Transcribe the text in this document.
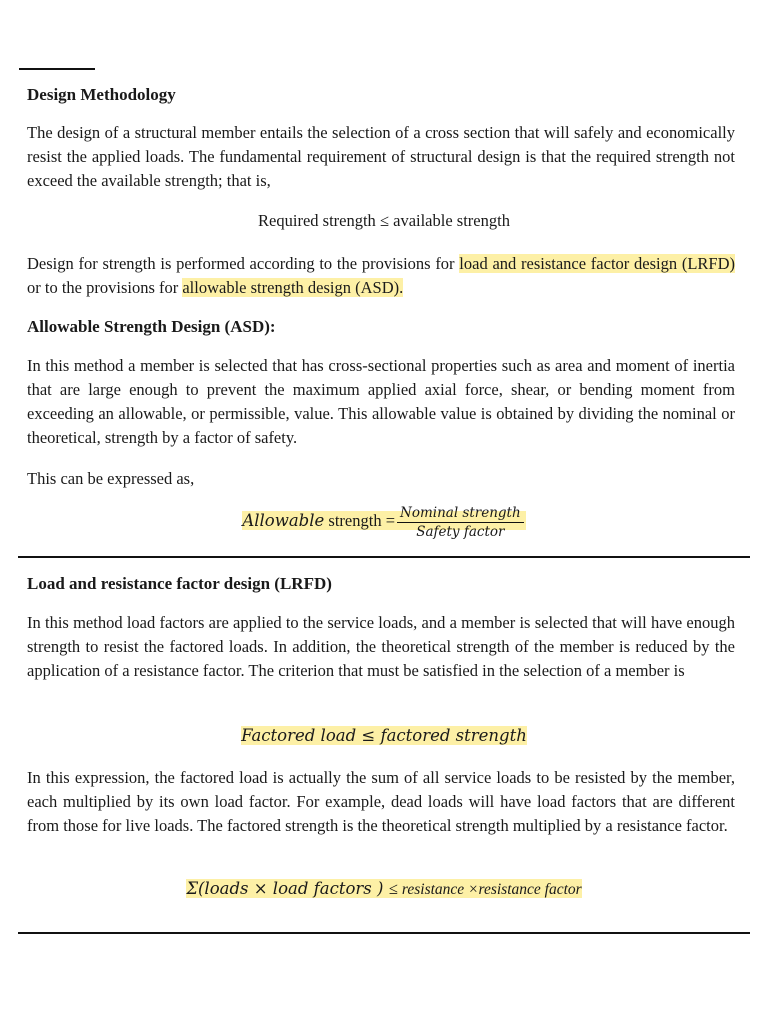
Design Methodology

The design of a structural member entails the selection of a cross section that will safely and economically resist the applied loads. The fundamental requirement of structural design is that the required strength not exceed the available strength; that is,

Required strength ≤ available strength

Design for strength is performed according to the provisions for load and resistance factor design (LRFD) or to the provisions for allowable strength design (ASD).

Allowable Strength Design (ASD):

In this method a member is selected that has cross-sectional properties such as area and moment of inertia that are large enough to prevent the maximum applied axial force, shear, or bending moment from exceeding an allowable, or permissible, value. This allowable value is obtained by dividing the nominal or theoretical, strength by a factor of safety.

This can be expressed as,

Allowable strength = $\frac{\text{Nominal strength}}{\text{Safety factor}}$
Load and resistance factor design (LRFD)

In this method load factors are applied to the service loads, and a member is selected that will have enough strength to resist the factored loads. In addition, the theoretical strength of the member is reduced by the application of a resistance factor. The criterion that must be satisfied in the selection of a member is

Factored load ≤ factored strength

In this expression, the factored load is actually the sum of all service loads to be resisted by the member, each multiplied by its own load factor. For example, dead loads will have load factors that are different from those for live loads. The factored strength is the theoretical strength multiplied by a resistance factor.

Σ(loads × load factors ) ≤ resistance ×resistance factor
